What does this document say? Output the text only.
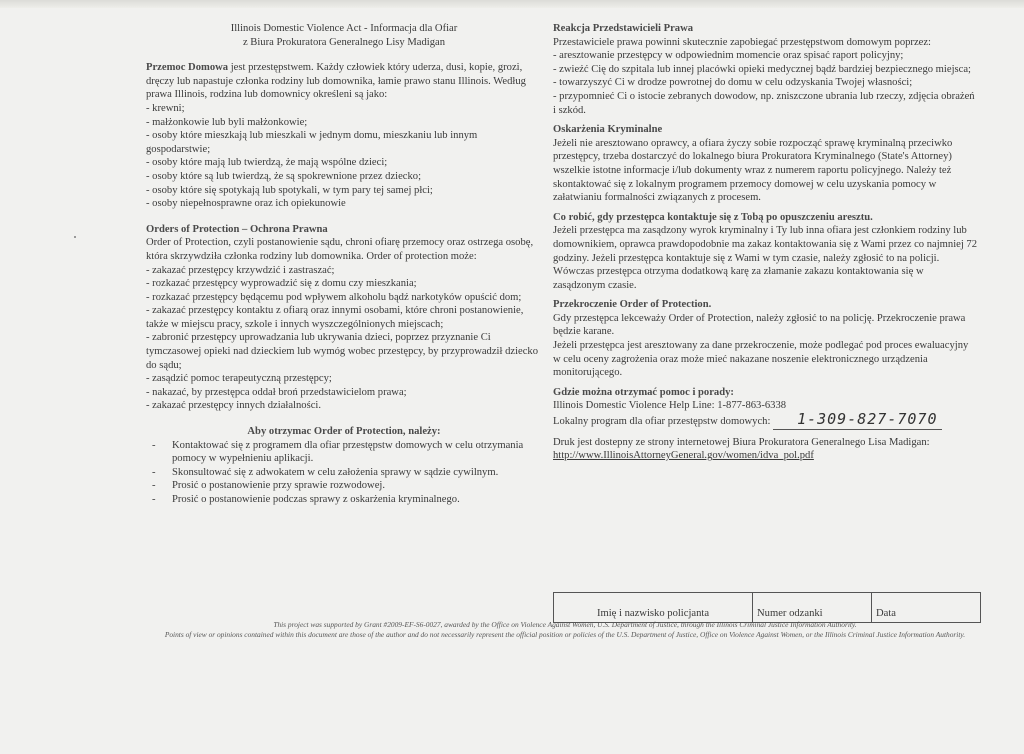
Illinois Domestic Violence Act - Informacja dla Ofiar

z Biura Prokuratora Generalnego Lisy Madigan

Przemoc Domowa jest przestępstwem. Każdy człowiek który uderza, dusi, kopie, grozi, dręczy lub napastuje członka rodziny lub domownika, łamie prawo stanu Illinois. Według prawa Illinois, rodzina lub domownicy określeni są jako:

- krewni;
- małżonkowie lub byli małżonkowie;
- osoby które mieszkają lub mieszkali w jednym domu, mieszkaniu lub innym gospodarstwie;
- osoby które mają lub twierdzą, że mają wspólne dzieci;
- osoby które są lub twierdzą, że są spokrewnione przez dziecko;
- osoby które się spotykają lub spotykali, w tym pary tej samej płci;
- osoby niepełnosprawne oraz ich opiekunowie

Orders of Protection – Ochrona Prawna

Order of Protection, czyli postanowienie sądu, chroni ofiarę przemocy oraz ostrzega osobę, która skrzywdziła członka rodziny lub domownika. Order of protection może:

- zakazać przestępcy krzywdzić i zastraszać;
- rozkazać przestępcy wyprowadzić się z domu czy mieszkania;
- rozkazać przestępcy będącemu pod wpływem alkoholu bądź narkotyków opuścić dom;
- zakazać przestępcy kontaktu z ofiarą oraz innymi osobami, które chroni postanowienie, także w miejscu pracy, szkole i innych wyszczególnionych miejscach;
- zabronić przestępcy uprowadzania lub ukrywania dzieci, poprzez przyznanie Ci tymczasowej opieki nad dzieckiem lub wymóg wobec przestępcy, by przyprowadził dziecko do sądu;
- zasądzić pomoc terapeutyczną przestępcy;
- nakazać, by przestępca oddał broń przedstawicielom prawa;
- zakazać przestępcy innych działalności.

Aby otrzymac Order of Protection, należy:

- Kontaktować się z programem dla ofiar przestępstw domowych w celu otrzymania pomocy w wypełnieniu aplikacji.
- Skonsultować się z adwokatem w celu założenia sprawy w sądzie cywilnym.
- Prosić o postanowienie przy sprawie rozwodowej.
- Prosić o postanowienie podczas sprawy z oskarżenia kryminalnego.

Reakcja Przedstawicieli Prawa

Przestawiciele prawa powinni skutecznie zapobiegać przestępstwom domowym poprzez:

- aresztowanie przestępcy w odpowiednim momencie oraz spisać raport policyjny;
- zwieźć Cię do szpitala lub innej placówki opieki medycznej bądź bardziej bezpiecznego miejsca;
- towarzyszyć Ci w drodze powrotnej do domu w celu odzyskania Twojej własności;
- przypomnieć Ci o istocie zebranych dowodow, np. zniszczone ubrania lub rzeczy, zdjęcia obrażeń i szkód.

Oskarżenia Kryminalne

Jeżeli nie aresztowano oprawcy, a ofiara życzy sobie rozpocząć sprawę kryminalną przeciwko przestępcy, trzeba dostarczyć do lokalnego biura Prokuratora Kryminalnego (State's Attorney) wszelkie istotne informacje i/lub dokumenty wraz z numerem raportu policyjnego. Należy też skontaktować się z lokalnym programem przemocy domowej w celu uzyskania pomocy w załatwianiu formalności związanych z procesem.

Co robić, gdy przestępca kontaktuje się z Tobą po opuszczeniu aresztu.

Jeżeli przestępca ma zasądzony wyrok kryminalny i Ty lub inna ofiara jest członkiem rodziny lub domownikiem, oprawca prawdopodobnie ma zakaz kontaktowania się z Wami przez co najmniej 72 godziny. Jeżeli przestępca kontaktuje się z Wami w tym czasie, należy zgłosić to na policji. Wówczas przestępca otrzyma dodatkową karę za złamanie zakazu kontaktowania się w zasądzonym czasie.

Przekroczenie Order of Protection.

Gdy przestępca lekceważy Order of Protection, należy zgłosić to na policję. Przekroczenie prawa będzie karane.

Jeżeli przestępca jest aresztowany za dane przekroczenie, może podlegać pod proces ewaluacyjny w celu oceny zagrożenia oraz może mieć nakazane noszenie elektronicznego urządzenia monitorującego.

Gdzie można otrzymać pomoc i porady:

Illinois Domestic Violence Help Line: 1-877-863-6338

Lokalny program dla ofiar przestępstw domowych: 1-309-827-7070

Druk jest dostepny ze strony internetowej Biura Prokuratora Generalnego Lisa Madigan:

http://www.IllinoisAttorneyGeneral.gov/women/idva_pol.pdf

Imię i nazwisko policjanta	Numer odzanki	Data

This project was supported by Grant #2009-EF-S6-0027, awarded by the Office on Violence Against Women, U.S. Department of Justice, through the Illinois Criminal Justice Information Authority.

Points of view or opinions contained within this document are those of the author and do not necessarily represent the official position or policies of the U.S. Department of Justice, Office on Violence Against Women, or the Illinois Criminal Justice Information Authority.
